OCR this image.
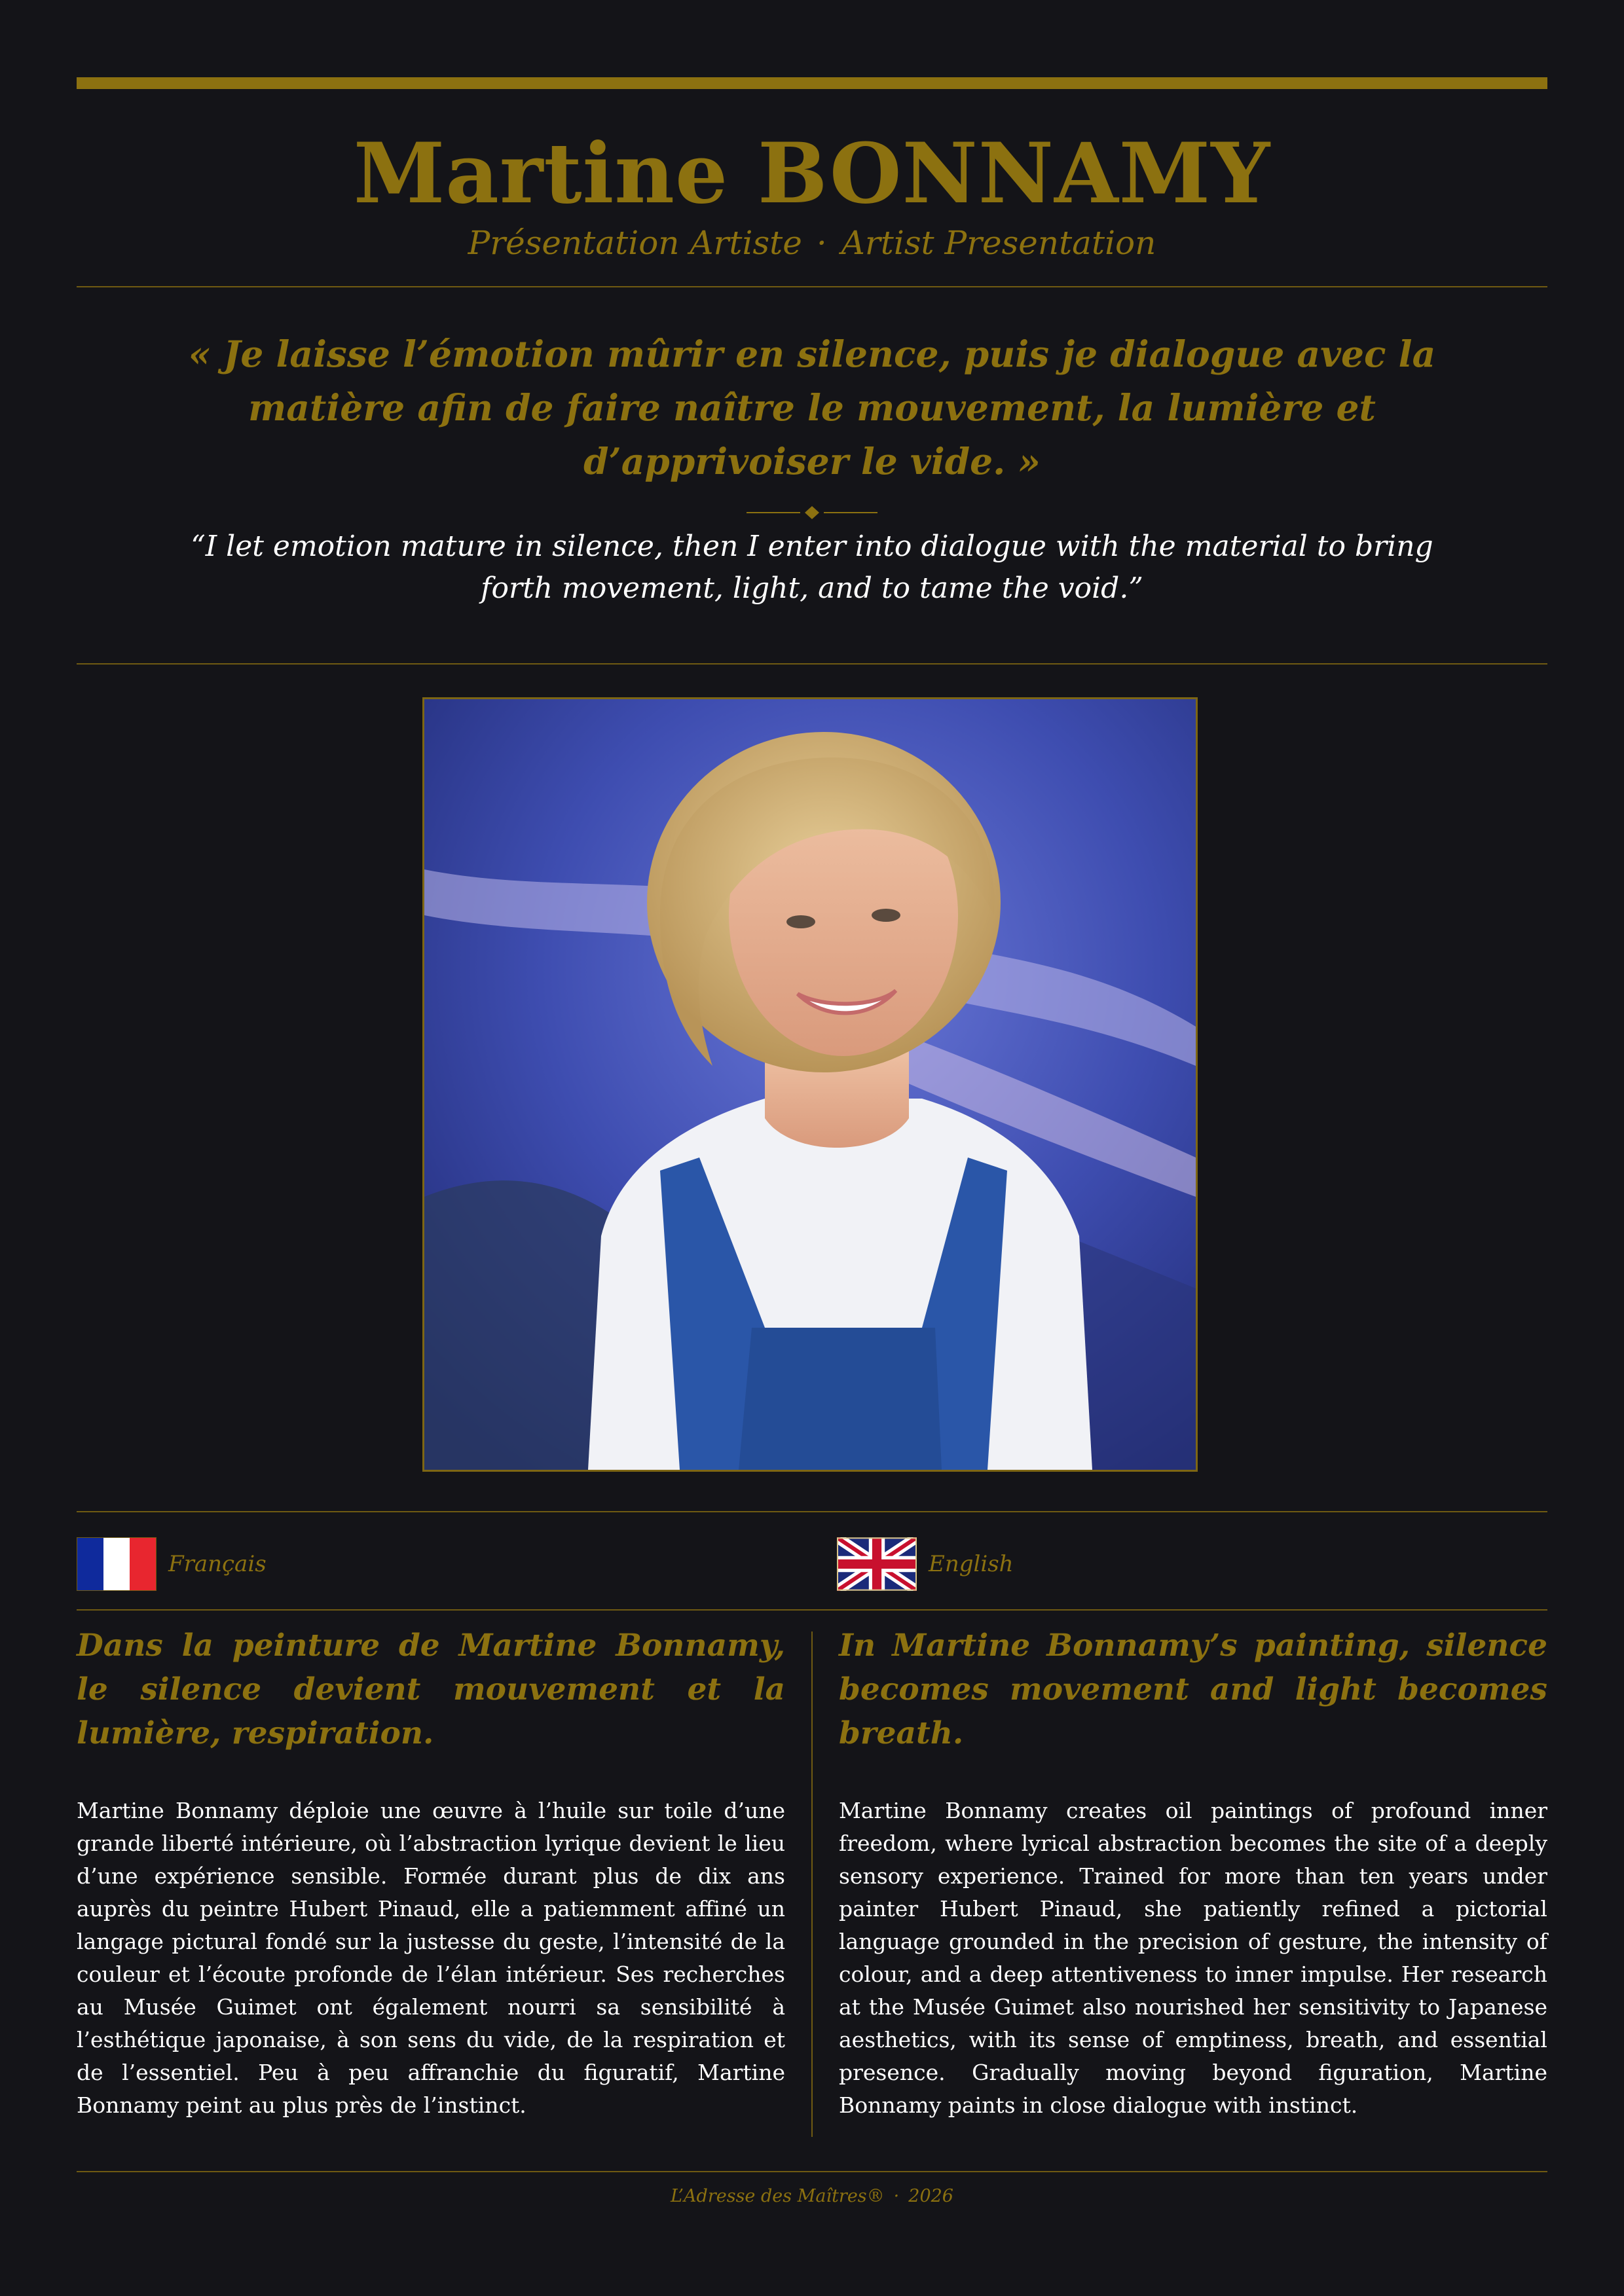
Martine BONNAMY
Présentation Artiste · Artist Presentation
« Je laisse l’émotion mûrir en silence, puis je dialogue avec la matière afin de faire naître le mouvement, la lumière et d’apprivoiser le vide. »
“I let emotion mature in silence, then I enter into dialogue with the material to bring forth movement, light, and to tame the void.”
Français	English
Dans la peinture de Martine Bonnamy, le silence devient mouvement et la lumière, respiration.
In Martine Bonnamy’s painting, silence becomes movement and light becomes breath.
Martine Bonnamy déploie une œuvre à l’huile sur toile d’une grande liberté intérieure, où l’abstraction lyrique devient le lieu d’une expérience sensible. Formée durant plus de dix ans auprès du peintre Hubert Pinaud, elle a patiemment affiné un langage pictural fondé sur la justesse du geste, l’intensité de la couleur et l’écoute profonde de l’élan intérieur. Ses recherches au Musée Guimet ont également nourri sa sensibilité à l’esthétique japonaise, à son sens du vide, de la respiration et de l’essentiel. Peu à peu affranchie du figuratif, Martine Bonnamy peint au plus près de l’instinct.
Martine Bonnamy creates oil paintings of profound inner freedom, where lyrical abstraction becomes the site of a deeply sensory experience. Trained for more than ten years under painter Hubert Pinaud, she patiently refined a pictorial language grounded in the precision of gesture, the intensity of colour, and a deep attentiveness to inner impulse. Her research at the Musée Guimet also nourished her sensitivity to Japanese aesthetics, with its sense of emptiness, breath, and essential presence. Gradually moving beyond figuration, Martine Bonnamy paints in close dialogue with instinct.
L’Adresse des Maîtres® · 2026
